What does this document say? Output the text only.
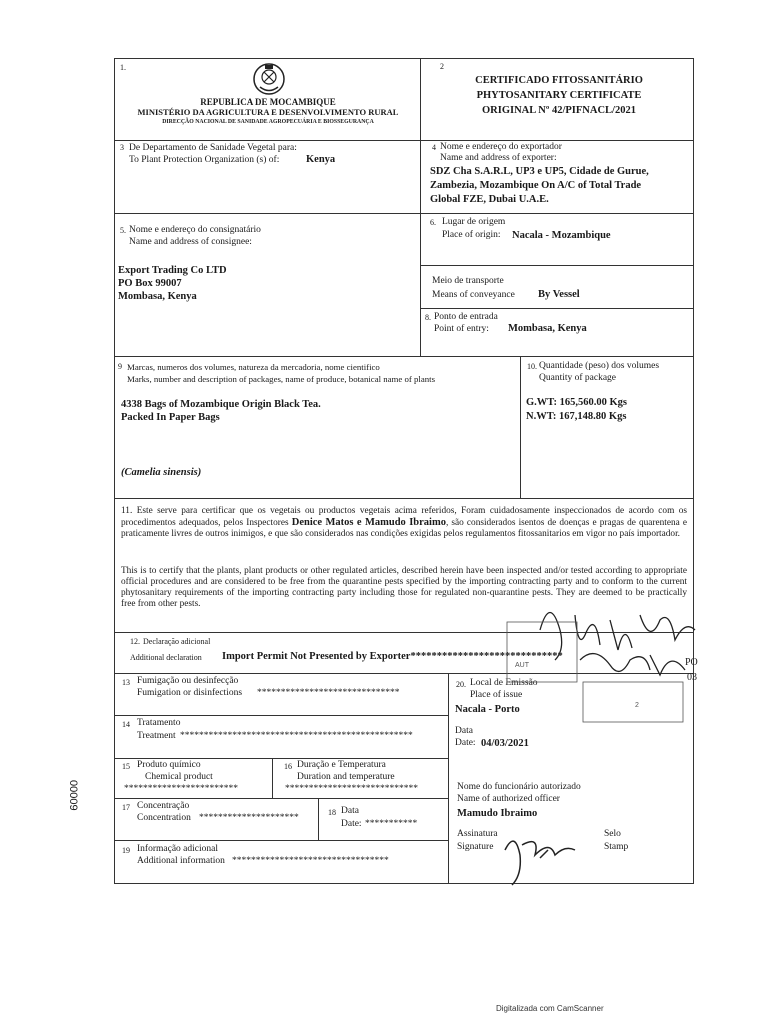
1.
REPUBLICA DE MOCAMBIQUE
MINISTÉRIO DA AGRICULTURA E DESENVOLVIMENTO RURAL
DIRECÇÃO NACIONAL DE SANIDADE AGROPECUÁRIA E BIOSSEGURANÇA
2
CERTIFICADO FITOSSANITÁRIO
PHYTOSANITARY CERTIFICATE
ORIGINAL Nº 42/PIFNACL/2021
3 De Departamento de Sanidade Vegetal para:
To Plant Protection Organization (s) of:	Kenya
4 Nome e endereço do exportador
Name and address of exporter:
SDZ Cha S.A.R.L, UP3 e UP5, Cidade de Gurue,
Zambezia, Mozambique On A/C of Total Trade
Global FZE, Dubai U.A.E.
5. Nome e endereço do consignatário
Name and address of consignee:
Export Trading Co LTD
PO Box 99007
Mombasa, Kenya
6. Lugar de origem
Place of origin: Nacala - Mozambique
Meio de transporte
Means of conveyance By Vessel
8. Ponto de entrada
Point of entry: Mombasa, Kenya
9 Marcas, numeros dos volumes, natureza da mercadoria, nome cientifico
Marks, number and description of packages, name of produce, botanical name of plants
4338 Bags of Mozambique Origin Black Tea.
Packed In Paper Bags
(Camelia sinensis)
10. Quantidade (peso) dos volumes
Quantity of package
G.WT: 165,560.00 Kgs
N.WT: 167,148.80 Kgs
11. Este serve para certificar que os vegetais ou productos vegetais acima referidos, Foram cuidadosamente inspeccionados de acordo com os procedimentos adequados, pelos Inspectores Denice Matos e Mamudo Ibraimo, são considerados isentos de doenças e pragas de quarentena e praticamente livres de outros inimigos, e que são considerados nas condições exigidas pelos regulamentos fitossanitarios em vigor no país importador.
This is to certify that the plants, plant products or other regulated articles, described herein have been inspected and/or tested according to appropriate official procedures and are considered to be free from the quarantine pests specified by the importing contracting party and to conform to the current phytosanitary requirements of the importing contracting party including those for regulated non-quarantine pests. They are deemed to be practically free from other pests.
12. Declaração adicional
Additional declaration Import Permit Not Presented by Exporter*****************************
13 Fumigação ou desinfecção
Fumigation or disinfections ******************************
14 Tratamento
Treatment *************************************************
15 Produto químico
Chemical product
************************
16 Duração e Temperatura
Duration and temperature
****************************
17 Concentração
Concentration *********************
18 Data
Date: ***********
19 Informação adicional
Additional information *********************************
20. Local de Emissão
Place of issue
Nacala - Porto
Data
Date: 04/03/2021
Nome do funcionário autorizado
Name of authorized officer
Mamudo Ibraimo
Assinatura
Signature
Selo
Stamp
PO
03
AUT
2
00009
Digitalizada com CamScanner
